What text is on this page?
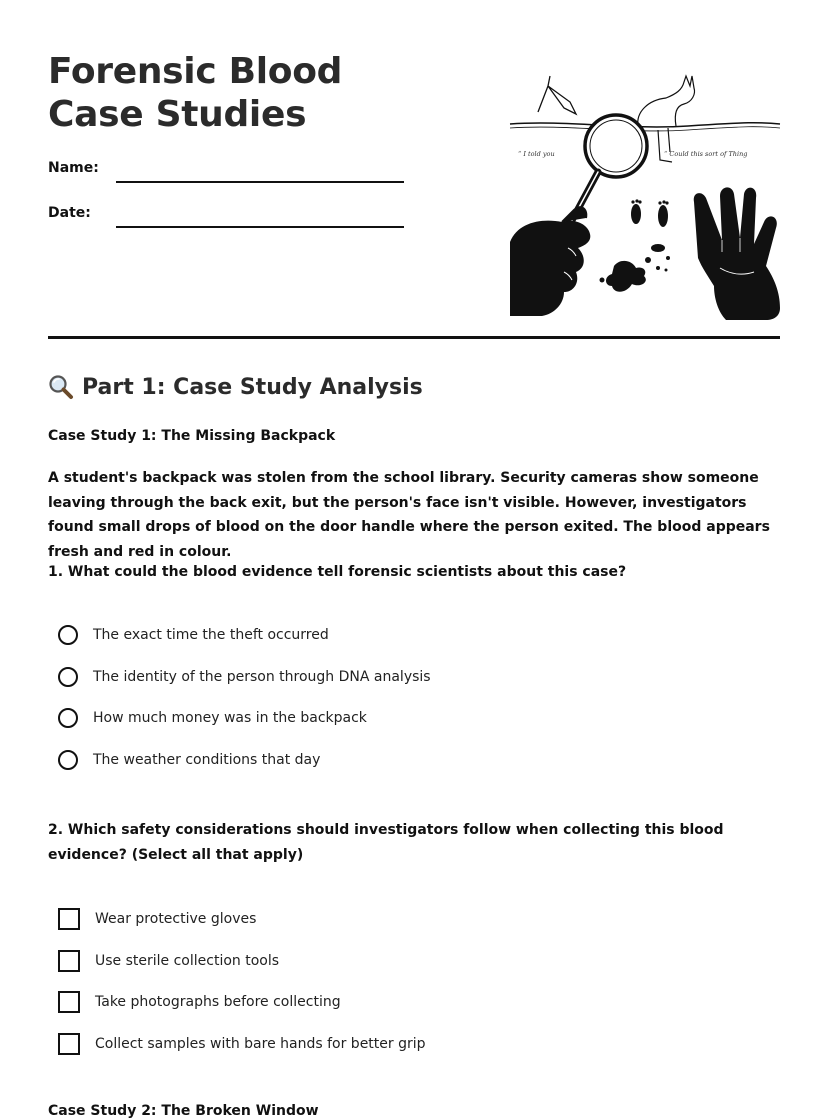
Forensic Blood Case Studies
Name:
Date:
“ I told you	“ Could this sort of Thing
Part 1: Case Study Analysis
Case Study 1: The Missing Backpack
A student's backpack was stolen from the school library. Security cameras show someone leaving through the back exit, but the person's face isn't visible. However, investigators found small drops of blood on the door handle where the person exited. The blood appears fresh and red in colour.
1. What could the blood evidence tell forensic scientists about this case?
The exact time the theft occurred
The identity of the person through DNA analysis
How much money was in the backpack
The weather conditions that day
2. Which safety considerations should investigators follow when collecting this blood evidence? (Select all that apply)
Wear protective gloves
Use sterile collection tools
Take photographs before collecting
Collect samples with bare hands for better grip
Case Study 2: The Broken Window
